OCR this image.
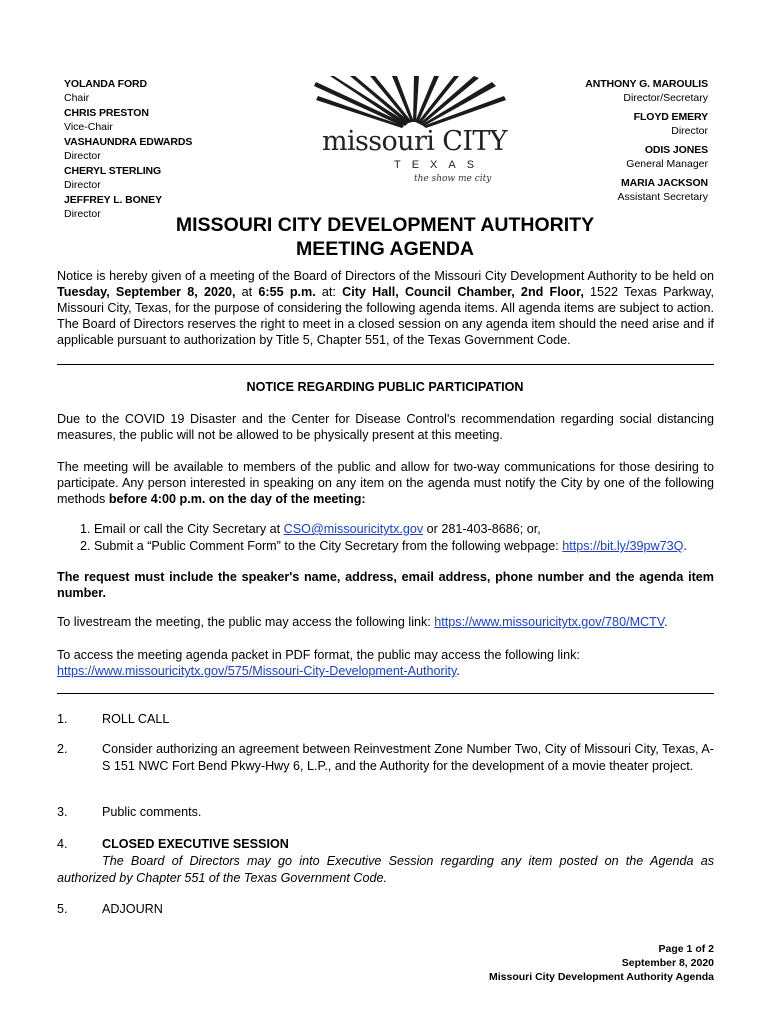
YOLANDA FORD
Chair
CHRIS PRESTON
Vice-Chair
VASHAUNDRA EDWARDS
Director
CHERYL STERLING
Director
JEFFREY L. BONEY
Director
missouri CITY
TEXAS
the show me city
ANTHONY G. MAROULIS
Director/Secretary
FLOYD EMERY
Director
ODIS JONES
General Manager
MARIA JACKSON
Assistant Secretary
MISSOURI CITY DEVELOPMENT AUTHORITY
MEETING AGENDA
Notice is hereby given of a meeting of the Board of Directors of the Missouri City Development Authority to be held on Tuesday, September 8, 2020, at 6:55 p.m. at: City Hall, Council Chamber, 2nd Floor, 1522 Texas Parkway, Missouri City, Texas, for the purpose of considering the following agenda items. All agenda items are subject to action. The Board of Directors reserves the right to meet in a closed session on any agenda item should the need arise and if applicable pursuant to authorization by Title 5, Chapter 551, of the Texas Government Code.
NOTICE REGARDING PUBLIC PARTICIPATION
Due to the COVID 19 Disaster and the Center for Disease Control's recommendation regarding social distancing measures, the public will not be allowed to be physically present at this meeting.
The meeting will be available to members of the public and allow for two-way communications for those desiring to participate. Any person interested in speaking on any item on the agenda must notify the City by one of the following methods before 4:00 p.m. on the day of the meeting:
1. Email or call the City Secretary at CSO@missouricitytx.gov or 281-403-8686; or,
2. Submit a “Public Comment Form” to the City Secretary from the following webpage: https://bit.ly/39pw73Q.
The request must include the speaker's name, address, email address, phone number and the agenda item number.
To livestream the meeting, the public may access the following link: https://www.missouricitytx.gov/780/MCTV.
To access the meeting agenda packet in PDF format, the public may access the following link:
https://www.missouricitytx.gov/575/Missouri-City-Development-Authority.
1.	ROLL CALL
2.	Consider authorizing an agreement between Reinvestment Zone Number Two, City of Missouri City, Texas, A-S 151 NWC Fort Bend Pkwy-Hwy 6, L.P., and the Authority for the development of a movie theater project.
3.	Public comments.
4.	CLOSED EXECUTIVE SESSION
The Board of Directors may go into Executive Session regarding any item posted on the Agenda as authorized by Chapter 551 of the Texas Government Code.
5.	ADJOURN
Page 1 of 2
September 8, 2020
Missouri City Development Authority Agenda
